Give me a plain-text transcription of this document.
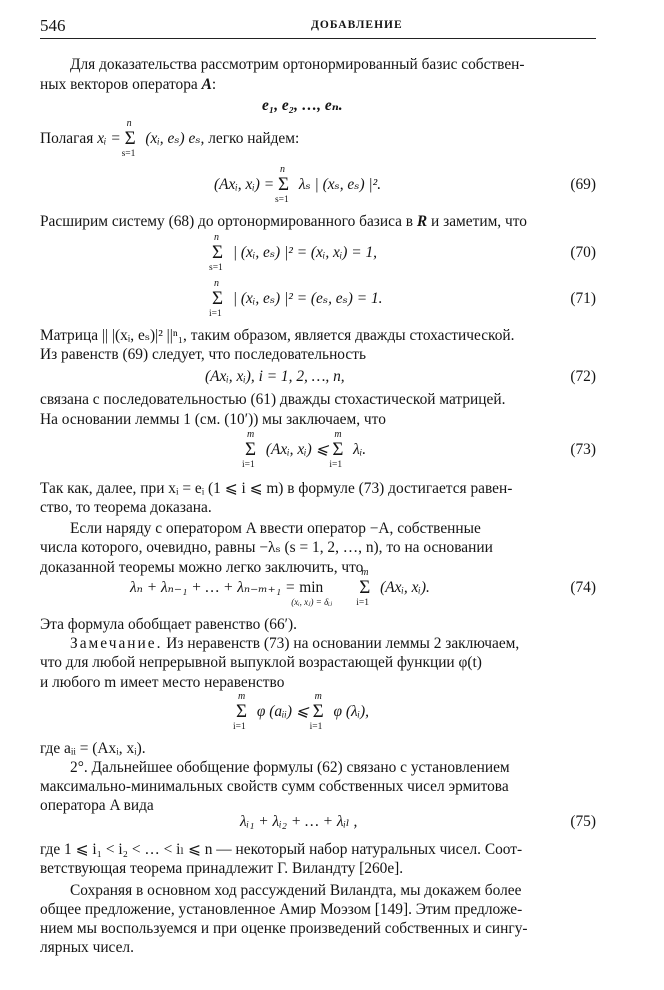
546	ДОБАВЛЕНИЕ
Для доказательства рассмотрим ортонормированный базис собствен-
ных векторов оператора A:
e₁, e₂, …, eₙ.
Полагая xᵢ =
n
Σ
s=1
(xᵢ, eₛ) eₛ, легко найдем:
(Axᵢ, xᵢ) =
n
Σ
s=1
λₛ | (xₛ, eₛ) |².	(69)
Расширим систему (68) до ортонормированного базиса в R и заметим, что
n
Σ
s=1
| (xᵢ, eₛ) |² = (xᵢ, xᵢ) = 1,	(70)
n
Σ
i=1
| (xᵢ, eₛ) |² = (eₛ, eₛ) = 1.	(71)
Матрица || |(xᵢ, eₛ)|² ||ⁿ₁, таким образом, является дважды стохастической.
Из равенств (69) следует, что последовательность
(Axᵢ, xᵢ), i = 1, 2, …, n,	(72)
связана с последовательностью (61) дважды стохастической матрицей.
На основании леммы 1 (см. (10′)) мы заключаем, что
m
Σ
i=1
(Axᵢ, xᵢ) ⩽
m
Σ
i=1
λᵢ.	(73)
Так как, далее, при xᵢ = eᵢ (1 ⩽ i ⩽ m) в формуле (73) достигается равен-
ство, то теорема доказана.
Если наряду с оператором A ввести оператор −A, собственные
числа которого, очевидно, равны −λₛ (s = 1, 2, …, n), то на основании
доказанной теоремы можно легко заключить, что
λₙ + λₙ₋₁ + … + λₙ₋ₘ₊₁ = min
(xᵢ, xⱼ) = δᵢⱼ
m
Σ
i=1
(Axᵢ, xᵢ).	(74)
Эта формула обобщает равенство (66′).
Замечание. Из неравенств (73) на основании леммы 2 заключаем,
что для любой непрерывной выпуклой возрастающей функции φ(t)
и любого m имеет место неравенство
m
Σ
i=1
φ (aᵢᵢ) ⩽
m
Σ
i=1
φ (λᵢ),
где aᵢᵢ = (Axᵢ, xᵢ).
2°. Дальнейшее обобщение формулы (62) связано с установлением
максимально-минимальных свойств сумм собственных чисел эрмитова
оператора A вида
λᵢ₁ + λᵢ₂ + … + λᵢₗ ,	(75)
где 1 ⩽ i₁ < i₂ < … < iₗ ⩽ n — некоторый набор натуральных чисел. Соот-
ветствующая теорема принадлежит Г. Виландту [260е].
Сохраняя в основном ход рассуждений Виландта, мы докажем более
общее предложение, установленное Амир Моэзом [149]. Этим предложе-
нием мы воспользуемся и при оценке произведений собственных и сингу-
лярных чисел.
